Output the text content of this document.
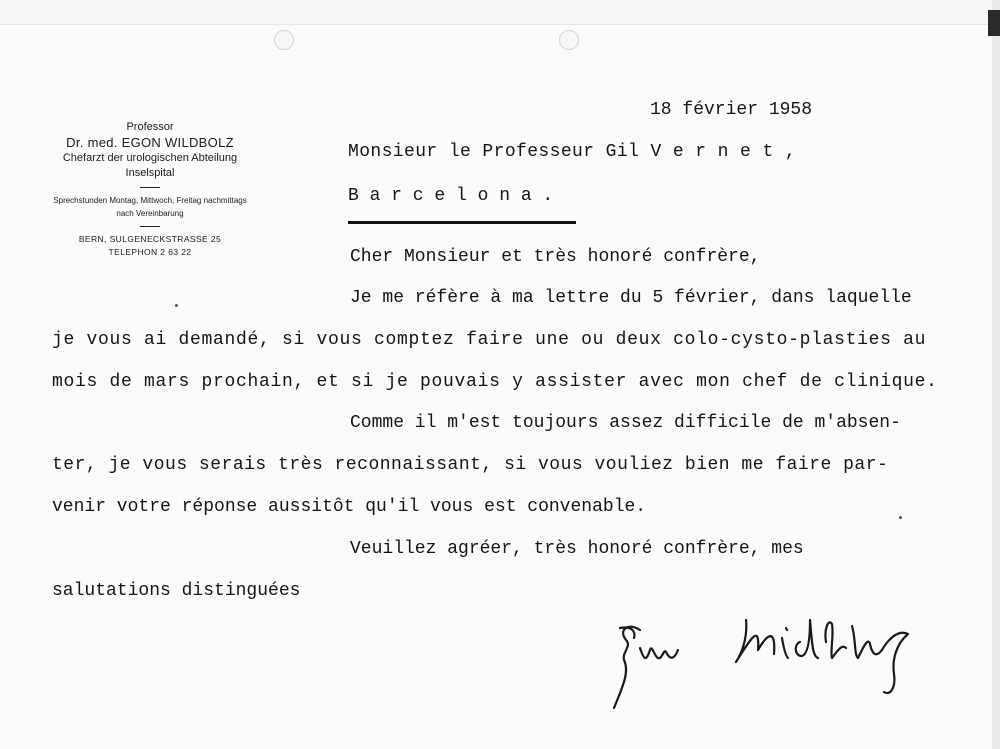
Professor
Dr. med. EGON WILDBOLZ
Chefarzt der urologischen Abteilung
Inselspital
Sprechstunden Montag, Mittwoch, Freitag nachmittags
nach Vereinbarung
BERN, SULGENECKSTRASSE 25
TELEPHON 2 63 22
18 février 1958
Monsieur le Professeur Gil V e r n e t ,
B a r c e l o n a .
Cher Monsieur et très honoré confrère,
Je me réfère à ma lettre du 5 février, dans laquelle
je vous ai demandé, si vous comptez faire une ou deux colo-cysto-plasties au
mois de mars prochain, et si je pouvais y assister avec mon chef de clinique.
Comme il m'est toujours assez difficile de m'absen-
ter, je vous serais très reconnaissant, si vous vouliez bien me faire par-
venir votre réponse aussitôt qu'il vous est convenable.
Veuillez agréer, très honoré confrère, mes
salutations distinguées
